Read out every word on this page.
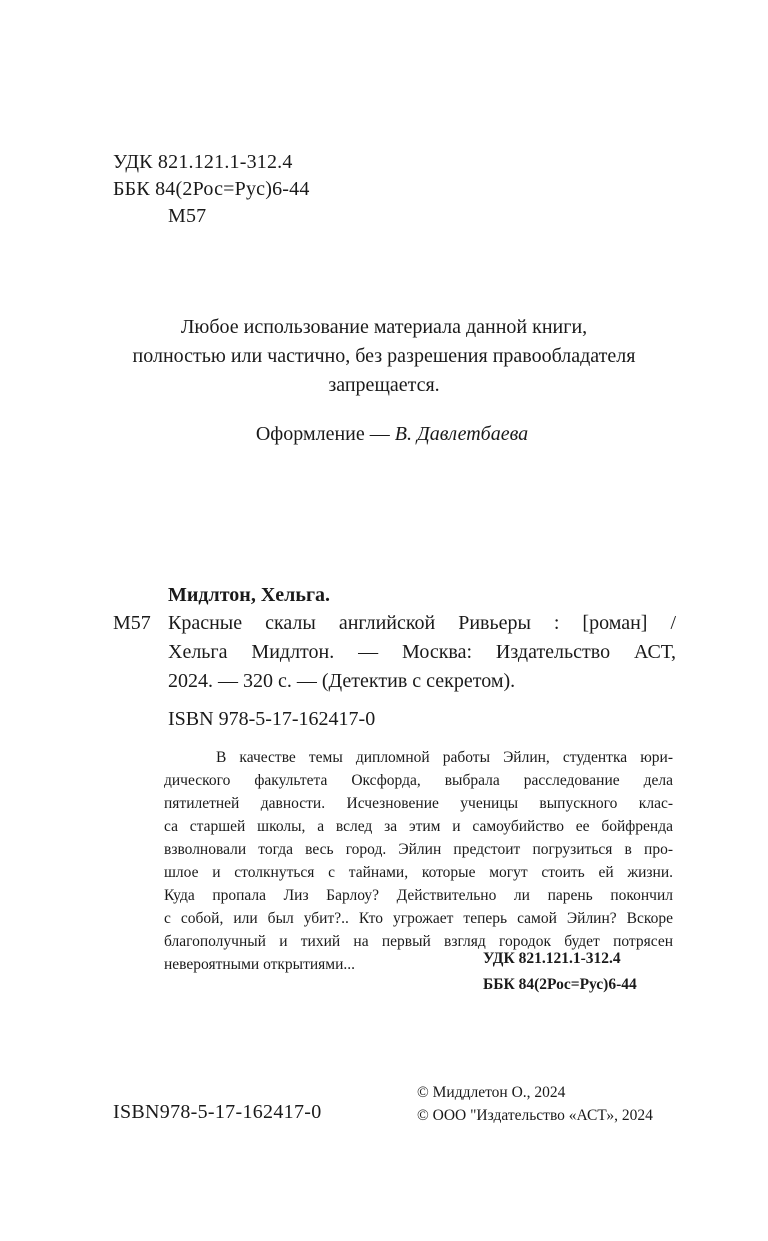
УДК 821.121.1-312.4
ББК 84(2Рос=Рус)6-44
М57
Любое использование материала данной книги,
полностью или частично, без разрешения правообладателя
запрещается.
Оформление — В. Давлетбаева
Мидлтон, Хельга.
М57 Красные скалы английской Ривьеры : [роман] /
Хельга Мидлтон. — Москва: Издательство АСТ,
2024. — 320 с. — (Детектив с секретом).
ISBN 978-5-17-162417-0
В качестве темы дипломной работы Эйлин, студентка юри-
дического факультета Оксфорда, выбрала расследование дела
пятилетней давности. Исчезновение ученицы выпускного клас-
са старшей школы, а вслед за этим и самоубийство ее бойфренда
взволновали тогда весь город. Эйлин предстоит погрузиться в про-
шлое и столкнуться с тайнами, которые могут стоить ей жизни.
Куда пропала Лиз Барлоу? Действительно ли парень покончил
с собой, или был убит?.. Кто угрожает теперь самой Эйлин? Вскоре
благополучный и тихий на первый взгляд городок будет потрясен
невероятными открытиями...	УДК 821.121.1-312.4
ББК 84(2Рос=Рус)6-44
ISBN978-5-17-162417-0
© Миддлетон О., 2024
© ООО "Издательство «АСТ», 2024
